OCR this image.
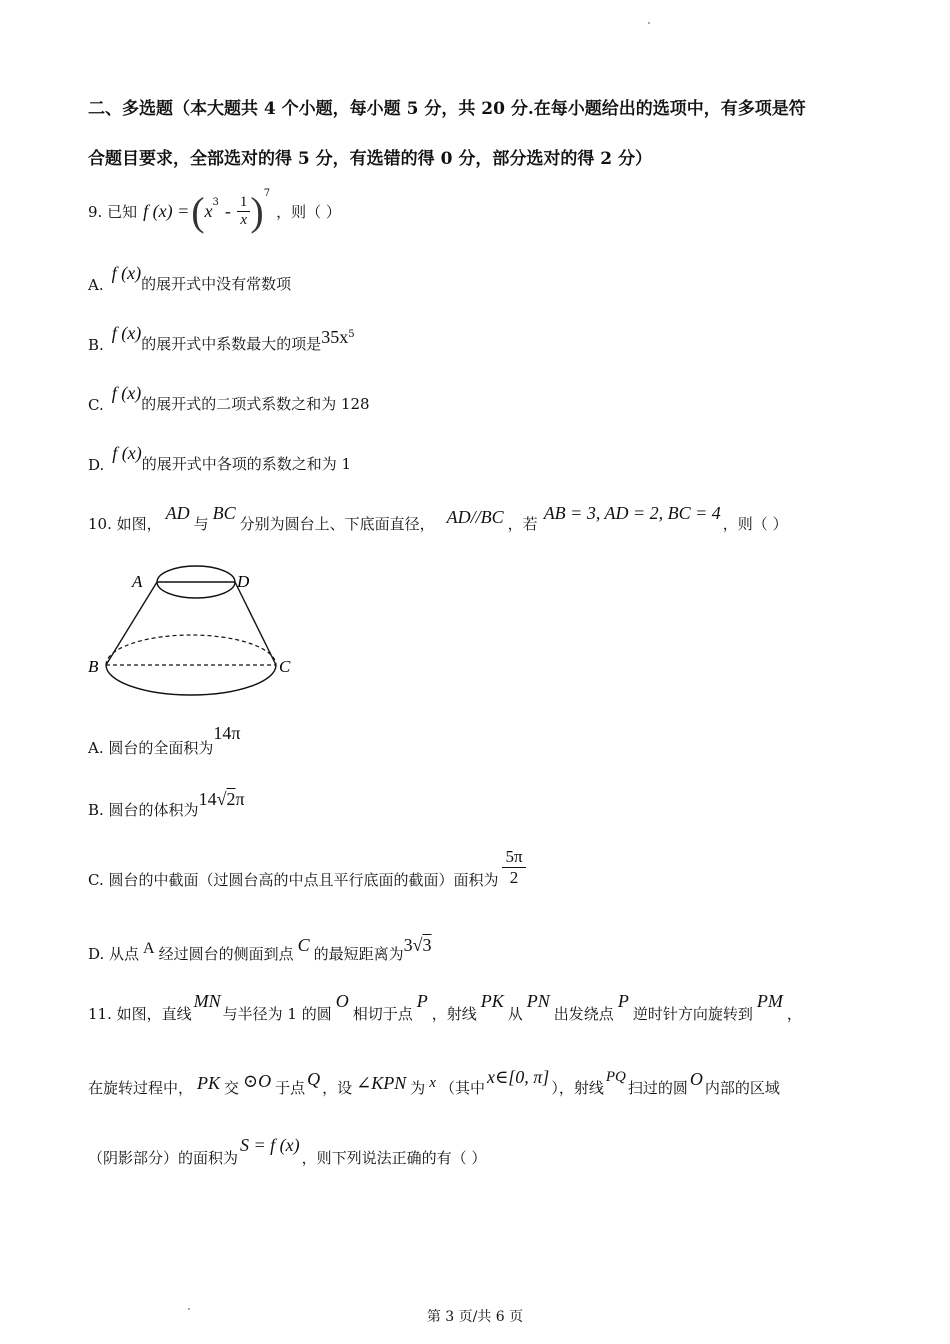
二、多选题（本大题共 4 个小题，每小题 5 分，共 20 分.在每小题给出的选项中，有多项是符
合题目要求，全部选对的得 5 分，有选错的得 0 分，部分选对的得 2 分）
9. 已知 f (x) = ( x $3 - \frac{1}{x}$ ) 7
，则（ ）
A.
f (x)
的展开式中没有常数项
B.
f (x)
的展开式中系数最大的项是 35x 5
C.
f (x)
的展开式的二项式系数之和为 128
D.
f (x)
的展开式中各项的系数之和为 1
10. 如图，
AD
与
BC
分别为圆台上、下底面直径， AD//BC ，若
AB = 3, AD = 2, BC = 4
，则（ ）
A	D
B	C
A. 圆台的全面积为
14π
B. 圆台的体积为
14√2π
C. 圆台的中截面（过圆台高的中点且平行底面的截面）面积为 $\frac{5\pi}{2}$
D. 从点 A 经过圆台的侧面到点 C 的最短距离为 3√3
11. 如图，直线
MN
与半径为 1 的圆
O
相切于点
P
，射线
PK
从
PN
出发绕点
P
逆时针方向旋转到
PM
，
在旋转过程中， PK 交 ⊙O 于点 Q ，设 ∠KPN 为 x （其中
x∈[0, π]
），射线
PQ
扫过的圆 O 内部的区域
（阴影部分）的面积为
S = f (x)
，则下列说法正确的有（ ）
第 3 页/共 6 页
